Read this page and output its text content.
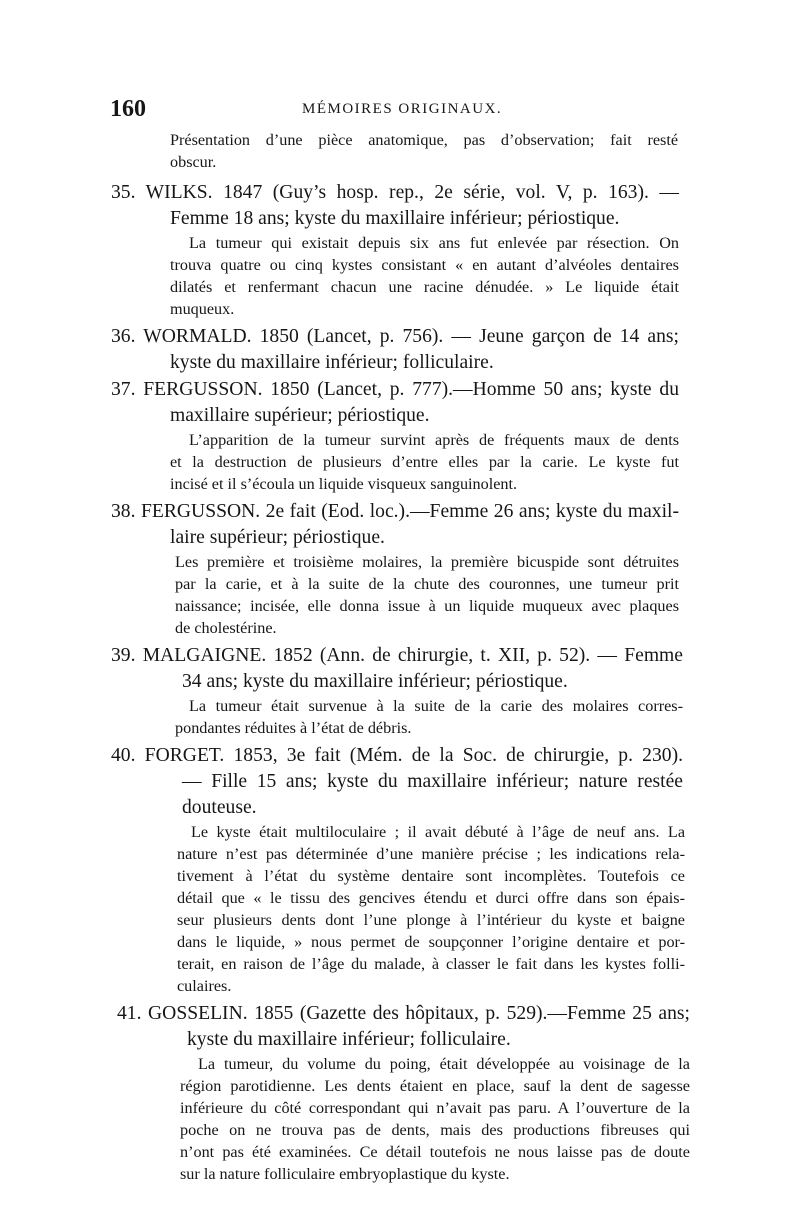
160	MÉMOIRES ORIGINAUX.
Présentation d’une pièce anatomique, pas d’observation; fait resté
obscur.
35. WILKS. 1847 (Guy’s hosp. rep., 2e série, vol. V, p. 163). —
Femme 18 ans; kyste du maxillaire inférieur; périostique.
La tumeur qui existait depuis six ans fut enlevée par résection. On
trouva quatre ou cinq kystes consistant « en autant d’alvéoles dentaires
dilatés et renfermant chacun une racine dénudée. » Le liquide était
muqueux.
36. WORMALD. 1850 (Lancet, p. 756). — Jeune garçon de 14 ans;
kyste du maxillaire inférieur; folliculaire.
37. FERGUSSON. 1850 (Lancet, p. 777).—Homme 50 ans; kyste du
maxillaire supérieur; périostique.
L’apparition de la tumeur survint après de fréquents maux de dents
et la destruction de plusieurs d’entre elles par la carie. Le kyste fut
incisé et il s’écoula un liquide visqueux sanguinolent.
38. FERGUSSON. 2e fait (Eod. loc.).—Femme 26 ans; kyste du maxil-
laire supérieur; périostique.
Les première et troisième molaires, la première bicuspide sont détruites
par la carie, et à la suite de la chute des couronnes, une tumeur prit
naissance; incisée, elle donna issue à un liquide muqueux avec plaques
de cholestérine.
39. MALGAIGNE. 1852 (Ann. de chirurgie, t. XII, p. 52). — Femme
34 ans; kyste du maxillaire inférieur; périostique.
La tumeur était survenue à la suite de la carie des molaires corres-
pondantes réduites à l’état de débris.
40. FORGET. 1853, 3e fait (Mém. de la Soc. de chirurgie, p. 230).
— Fille 15 ans; kyste du maxillaire inférieur; nature restée
douteuse.
Le kyste était multiloculaire ; il avait débuté à l’âge de neuf ans. La
nature n’est pas déterminée d’une manière précise ; les indications rela-
tivement à l’état du système dentaire sont incomplètes. Toutefois ce
détail que « le tissu des gencives étendu et durci offre dans son épais-
seur plusieurs dents dont l’une plonge à l’intérieur du kyste et baigne
dans le liquide, » nous permet de soupçonner l’origine dentaire et por-
terait, en raison de l’âge du malade, à classer le fait dans les kystes folli-
culaires.
41. GOSSELIN. 1855 (Gazette des hôpitaux, p. 529).—Femme 25 ans;
kyste du maxillaire inférieur; folliculaire.
La tumeur, du volume du poing, était développée au voisinage de la
région parotidienne. Les dents étaient en place, sauf la dent de sagesse
inférieure du côté correspondant qui n’avait pas paru. A l’ouverture de la
poche on ne trouva pas de dents, mais des productions fibreuses qui
n’ont pas été examinées. Ce détail toutefois ne nous laisse pas de doute
sur la nature folliculaire embryoplastique du kyste.
